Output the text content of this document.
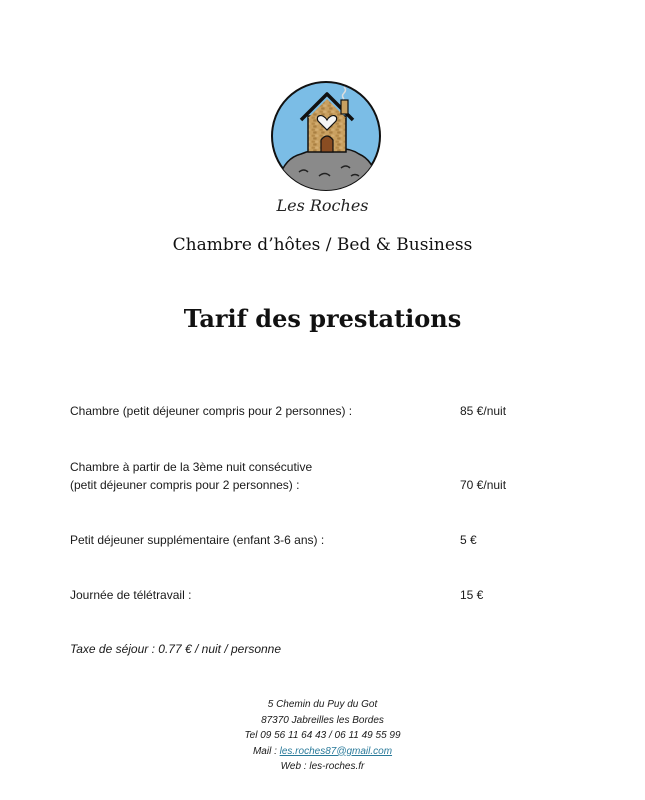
Les Roches
Chambre d’hôtes / Bed & Business
Tarif des prestations
Chambre (petit déjeuner compris pour 2 personnes) :	85 €/nuit
Chambre à partir de la 3ème nuit consécutive
(petit déjeuner compris pour 2 personnes) :	70 €/nuit
Petit déjeuner supplémentaire (enfant 3-6 ans) :	5 €
Journée de télétravail :	15 €
Taxe de séjour : 0.77 € / nuit / personne
5 Chemin du Puy du Got
87370 Jabreilles les Bordes
Tel 09 56 11 64 43 / 06 11 49 55 99
Mail : les.roches87@gmail.com
Web : les-roches.fr
